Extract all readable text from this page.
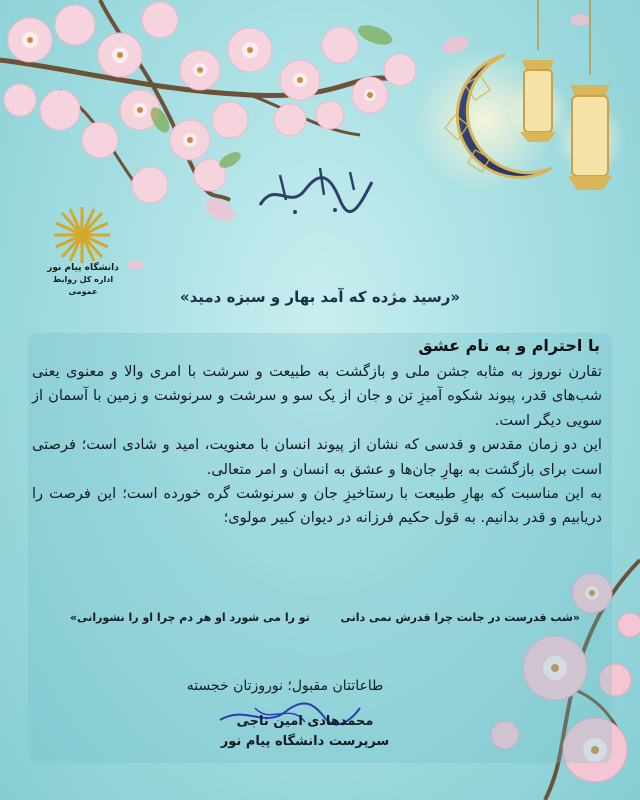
دانشگاه پیام نور
اداره کل روابط عمومی	«رسید مژده که آمد بهار و سبزه دمید»
با احترام و به نام عشق

تقارن نوروز به مثابه جشن ملی و بازگشت به طبیعت و سرشت با امری والا و معنوی یعنی شب‌های قدر، پیوند شکوه آمیزِ تن و جان از یک سو و سرشت و سرنوشت و زمین با آسمان از سویی دیگر است.

این دو زمان مقدس و قدسی که نشان از پیوند انسان با معنویت، امید و شادی است؛ فرصتی است برای بازگشت به بهارِ جان‌ها و عشق به انسان و امر متعالی.

به این مناسبت که بهارِ طبیعت با رستاخیزِ جان و سرنوشت گره خورده است؛ این فرصت را دریابیم و قدر بدانیم. به قول حکیم فرزانه در دیوان کبیر مولوی؛

«شب قدرست در جانت چرا قدرش نمی دانی
تو را می شورد او هر دم چرا او را نشورانی»
طاعاتتان مقبول؛ نوروزتان خجسته
محمدهادی امین ناجی
سرپرست دانشگاه پیام نور
